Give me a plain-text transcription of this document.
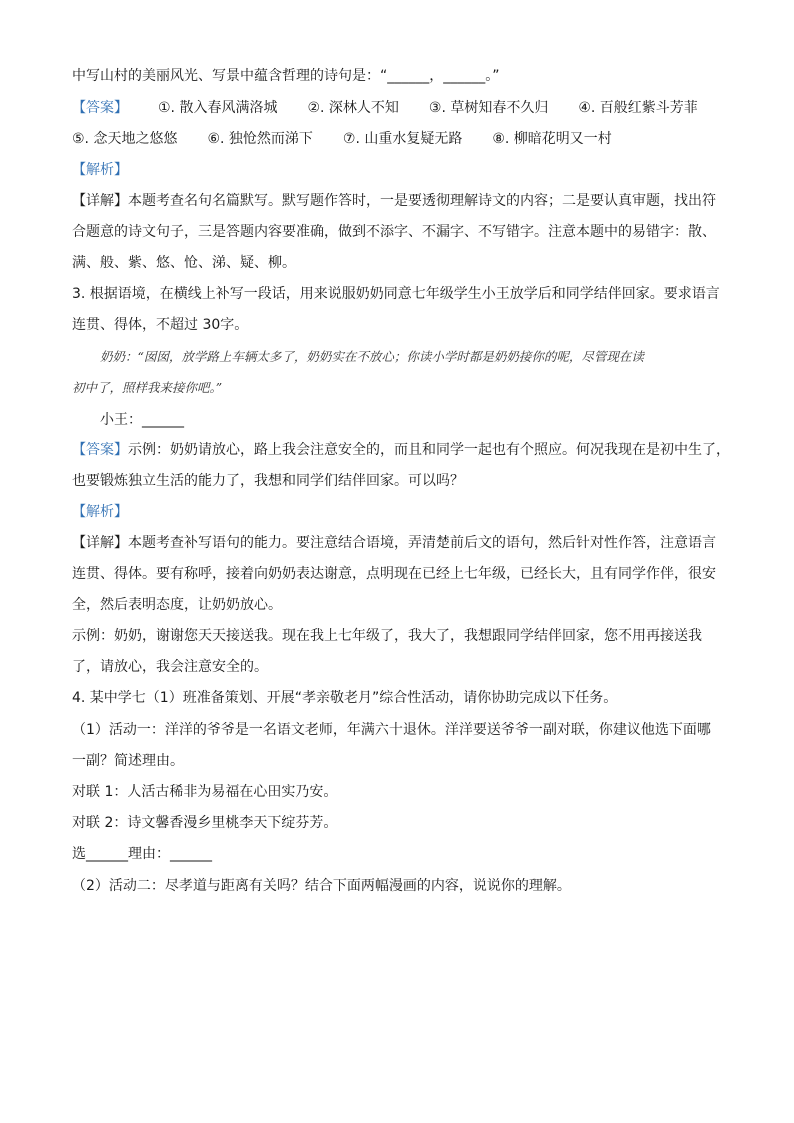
中写山村的美丽风光、写景中蕴含哲理的诗句是：“______，______。”
【答案】	①. 散入春风满洛城 ②. 深林人不知 ③. 草树知春不久归 ④. 百般红紫斗芳菲
⑤. 念天地之悠悠 ⑥. 独怆然而涕下 ⑦. 山重水复疑无路 ⑧. 柳暗花明又一村
【解析】
【详解】本题考查名句名篇默写。默写题作答时，一是要透彻理解诗文的内容；二是要认真审题，找出符
合题意的诗文句子，三是答题内容要准确，做到不添字、不漏字、不写错字。注意本题中的易错字：散、
满、般、紫、悠、怆、涕、疑、柳。
3. 根据语境，在横线上补写一段话，用来说服奶奶同意七年级学生小王放学后和同学结伴回家。要求语言
连贯、得体，不超过 30字。
奶奶：“囡囡，放学路上车辆太多了，奶奶实在不放心；你读小学时都是奶奶接你的呢，尽管现在读
初中了，照样我来接你吧。”
小王：______
【答案】示例：奶奶请放心，路上我会注意安全的，而且和同学一起也有个照应。何况我现在是初中生了，
也要锻炼独立生活的能力了，我想和同学们结伴回家。可以吗？
【解析】
【详解】本题考查补写语句的能力。要注意结合语境，弄清楚前后文的语句，然后针对性作答，注意语言
连贯、得体。要有称呼，接着向奶奶表达谢意，点明现在已经上七年级，已经长大，且有同学作伴，很安
全，然后表明态度，让奶奶放心。
示例：奶奶，谢谢您天天接送我。现在我上七年级了，我大了，我想跟同学结伴回家，您不用再接送我
了，请放心，我会注意安全的。
4. 某中学七（1）班准备策划、开展“孝亲敬老月”综合性活动，请你协助完成以下任务。
（1）活动一：洋洋的爷爷是一名语文老师，年满六十退休。洋洋要送爷爷一副对联，你建议他选下面哪
一副？简述理由。
对联 1：人活古稀非为易福在心田实乃安。
对联 2：诗文馨香漫乡里桃李天下绽芬芳。
选______理由：______
（2）活动二：尽孝道与距离有关吗？结合下面两幅漫画的内容，说说你的理解。
